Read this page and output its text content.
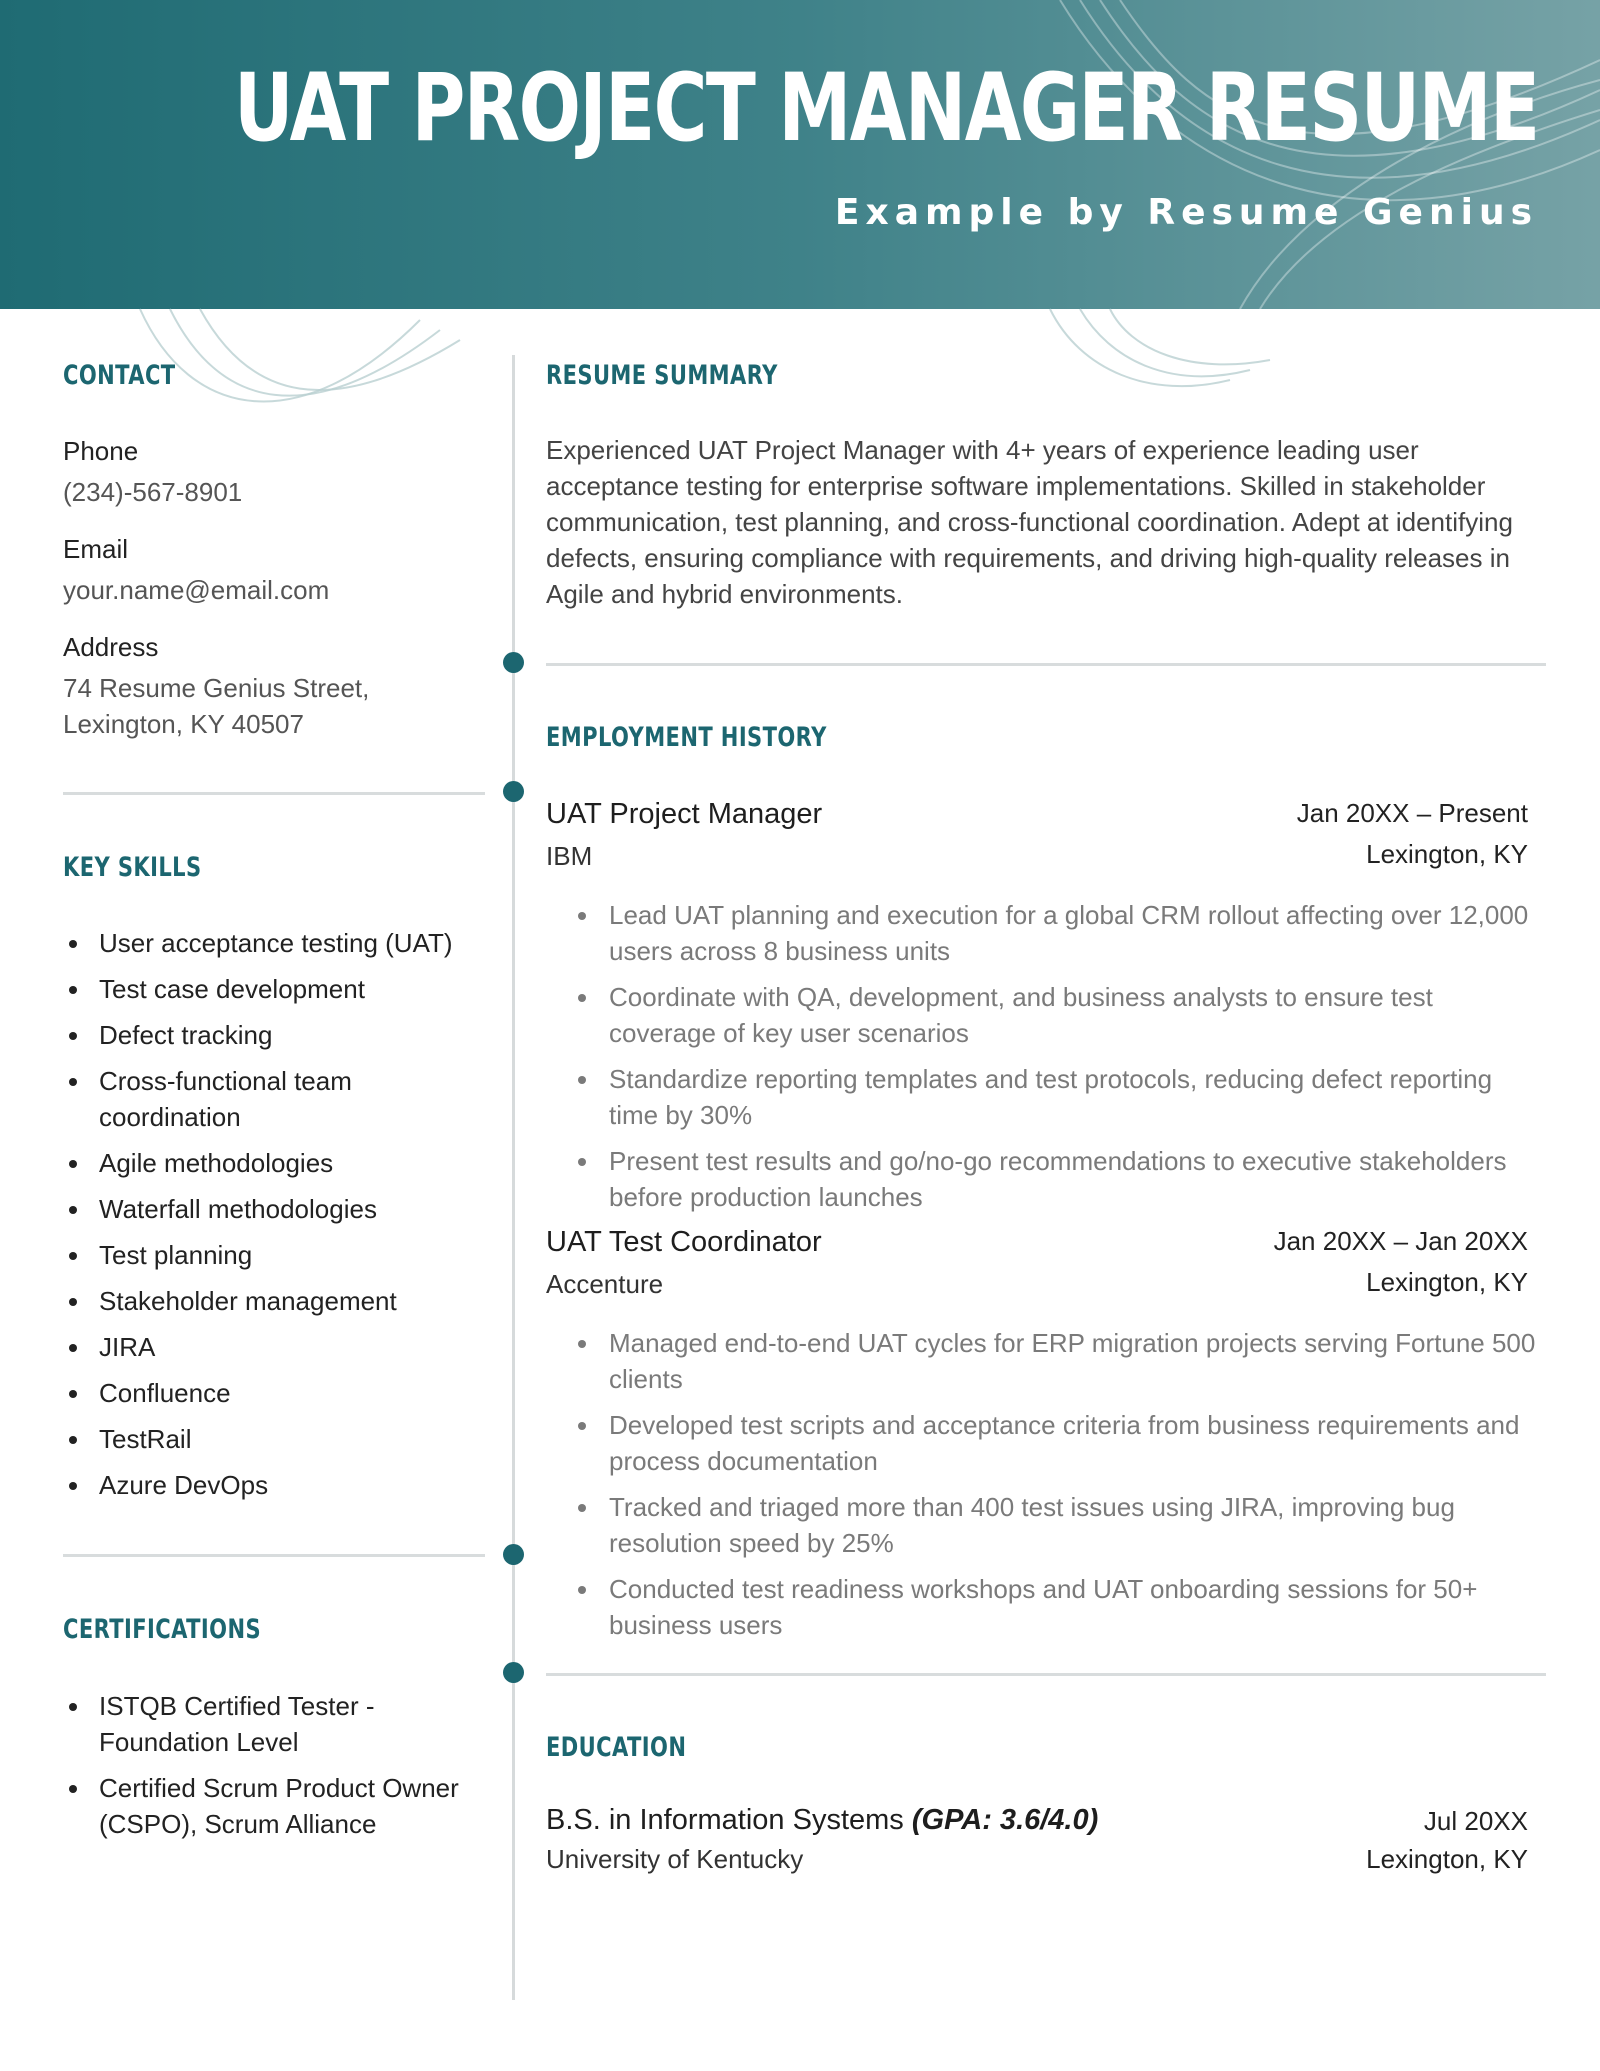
UAT PROJECT MANAGER RESUME

Example by Resume Genius

CONTACT

Phone

(234)-567-8901

Email

your.name@email.com

Address

74 Resume Genius Street,

Lexington, KY 40507

KEY SKILLS
User acceptance testing (UAT)
Test case development
Defect tracking
Cross-functional team coordination
Agile methodologies
Waterfall methodologies
Test planning
Stakeholder management
JIRA
Confluence
TestRail
Azure DevOps
CERTIFICATIONS
ISTQB Certified Tester - Foundation Level
Certified Scrum Product Owner (CSPO), Scrum Alliance
RESUME SUMMARY

Experienced UAT Project Manager with 4+ years of experience leading user acceptance testing for enterprise software implementations. Skilled in stakeholder communication, test planning, and cross-functional coordination. Adept at identifying defects, ensuring compliance with requirements, and driving high-quality releases in Agile and hybrid environments.

EMPLOYMENT HISTORY

UAT Project Manager	Jan 20XX – Present

IBM	Lexington, KY

Lead UAT planning and execution for a global CRM rollout affecting over 12,000 users across 8 business units
Coordinate with QA, development, and business analysts to ensure test coverage of key user scenarios
Standardize reporting templates and test protocols, reducing defect reporting time by 30%
Present test results and go/no-go recommendations to executive stakeholders before production launches

UAT Test Coordinator	Jan 20XX – Jan 20XX

Accenture	Lexington, KY

Managed end-to-end UAT cycles for ERP migration projects serving Fortune 500 clients
Developed test scripts and acceptance criteria from business requirements and process documentation
Tracked and triaged more than 400 test issues using JIRA, improving bug resolution speed by 25%
Conducted test readiness workshops and UAT onboarding sessions for 50+ business users
EDUCATION

B.S. in Information Systems (GPA: 3.6/4.0)	Jul 20XX

University of Kentucky	Lexington, KY
